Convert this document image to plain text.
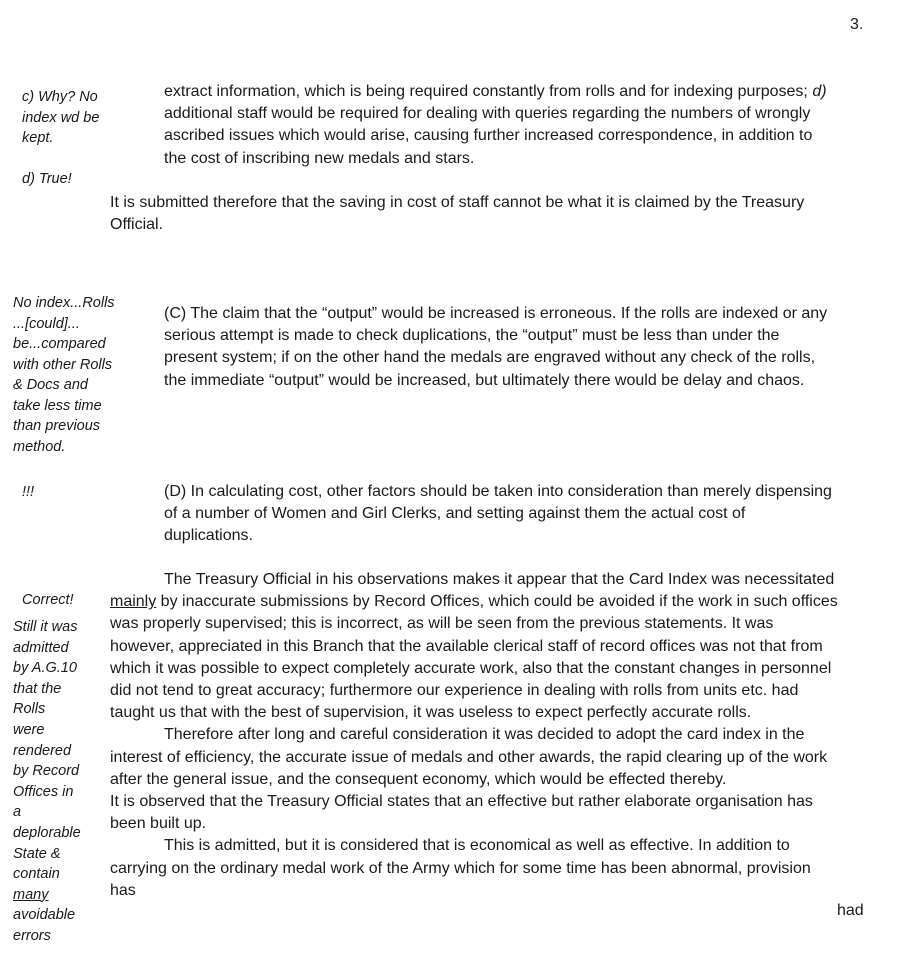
3.
c) Why? No
index wd be
kept.
d) True!
extract information, which is being required constantly from rolls and for indexing purposes; d)
additional staff would be required for dealing with queries regarding the numbers of wrongly
ascribed issues which would arise, causing further increased correspondence, in addition to
the cost of inscribing new medals and stars.
It is submitted therefore that the saving in cost of staff cannot be what it is claimed by the Treasury
Official.
No index...Rolls
...[could]...
be...compared
with other Rolls
& Docs and
take less time
than previous
method.
(C) The claim that the “output” would be increased is erroneous. If the rolls are indexed or any
serious attempt is made to check duplications, the “output” must be less than under the
present system; if on the other hand the medals are engraved without any check of the rolls,
the immediate “output” would be increased, but ultimately there would be delay and chaos.
!!!	(D) In calculating cost, other factors should be taken into consideration than merely dispensing
of a number of Women and Girl Clerks, and setting against them the actual cost of
duplications.
Correct!
Still it was
admitted
by A.G.10
that the
Rolls
were
rendered
by Record
Offices in
a
deplorable
State &
contain
many
avoidable
errors
The Treasury Official in his observations makes it appear that the Card Index was necessitated
mainly by inaccurate submissions by Record Offices, which could be avoided if the work in such offices
was properly supervised; this is incorrect, as will be seen from the previous statements. It was
however, appreciated in this Branch that the available clerical staff of record offices was not that from
which it was possible to expect completely accurate work, also that the constant changes in personnel
did not tend to great accuracy; furthermore our experience in dealing with rolls from units etc. had
taught us that with the best of supervision, it was useless to expect perfectly accurate rolls.
Therefore after long and careful consideration it was decided to adopt the card index in the
interest of efficiency, the accurate issue of medals and other awards, the rapid clearing up of the work
after the general issue, and the consequent economy, which would be effected thereby.
It is observed that the Treasury Official states that an effective but rather elaborate organisation has
been built up.
This is admitted, but it is considered that is economical as well as effective. In addition to
carrying on the ordinary medal work of the Army which for some time has been abnormal, provision
has
had
